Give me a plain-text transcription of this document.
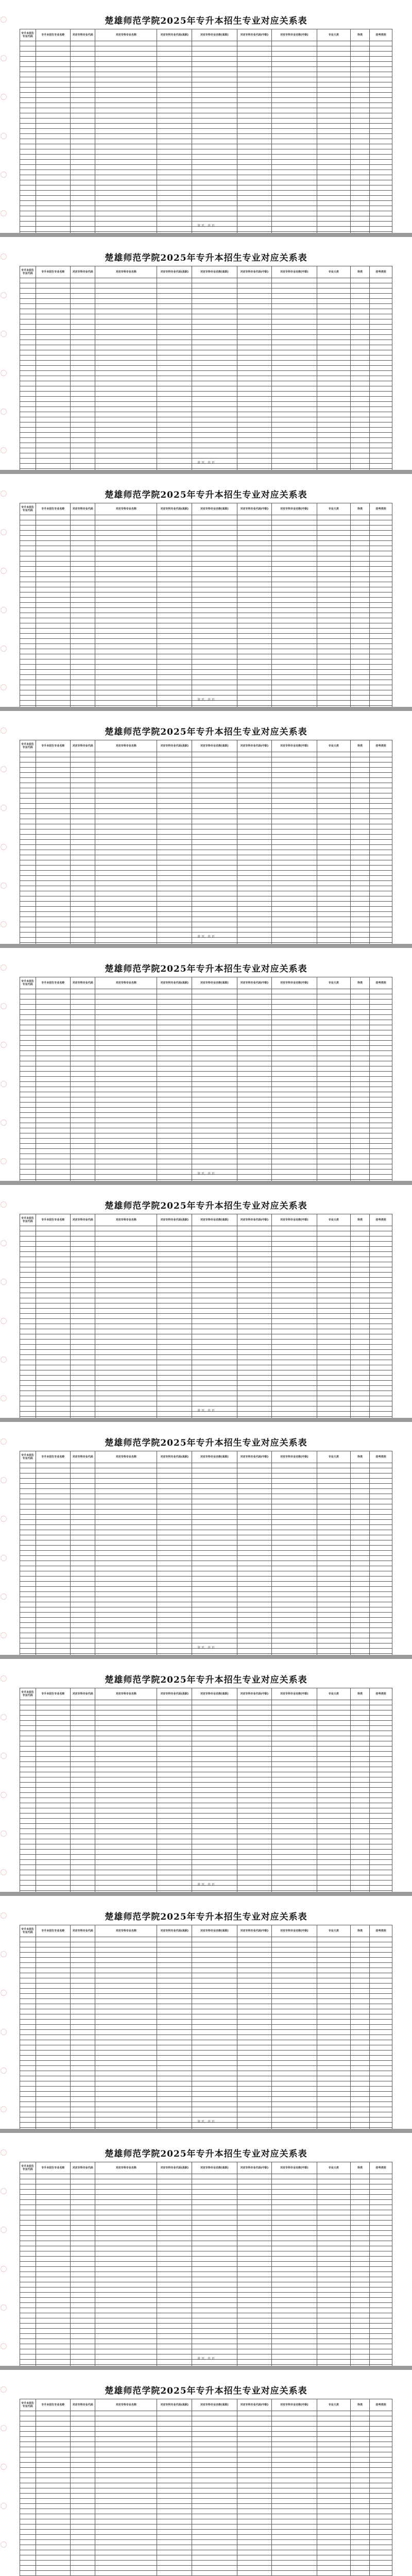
楚雄师范学院2025年专升本招生专业对应关系表
专升本招生专业代码	专升本招生专业名称	对应专科专业代码	对应专科专业名称	对应专科专业代码(高职)	对应专科专业名称(高职)	对应专科专业代码(中职)	对应专科专业名称(中职)	专业大类	科类	招考类别

第 页，共 页
楚雄师范学院2025年专升本招生专业对应关系表
专升本招生专业代码	专升本招生专业名称	对应专科专业代码	对应专科专业名称	对应专科专业代码(高职)	对应专科专业名称(高职)	对应专科专业代码(中职)	对应专科专业名称(中职)	专业大类	科类	招考类别

第 页，共 页
楚雄师范学院2025年专升本招生专业对应关系表
专升本招生专业代码	专升本招生专业名称	对应专科专业代码	对应专科专业名称	对应专科专业代码(高职)	对应专科专业名称(高职)	对应专科专业代码(中职)	对应专科专业名称(中职)	专业大类	科类	招考类别

第 页，共 页
楚雄师范学院2025年专升本招生专业对应关系表
专升本招生专业代码	专升本招生专业名称	对应专科专业代码	对应专科专业名称	对应专科专业代码(高职)	对应专科专业名称(高职)	对应专科专业代码(中职)	对应专科专业名称(中职)	专业大类	科类	招考类别

第 页，共 页
楚雄师范学院2025年专升本招生专业对应关系表
专升本招生专业代码	专升本招生专业名称	对应专科专业代码	对应专科专业名称	对应专科专业代码(高职)	对应专科专业名称(高职)	对应专科专业代码(中职)	对应专科专业名称(中职)	专业大类	科类	招考类别

第 页，共 页
楚雄师范学院2025年专升本招生专业对应关系表
专升本招生专业代码	专升本招生专业名称	对应专科专业代码	对应专科专业名称	对应专科专业代码(高职)	对应专科专业名称(高职)	对应专科专业代码(中职)	对应专科专业名称(中职)	专业大类	科类	招考类别

第 页，共 页
楚雄师范学院2025年专升本招生专业对应关系表
专升本招生专业代码	专升本招生专业名称	对应专科专业代码	对应专科专业名称	对应专科专业代码(高职)	对应专科专业名称(高职)	对应专科专业代码(中职)	对应专科专业名称(中职)	专业大类	科类	招考类别

第 页，共 页
楚雄师范学院2025年专升本招生专业对应关系表
专升本招生专业代码	专升本招生专业名称	对应专科专业代码	对应专科专业名称	对应专科专业代码(高职)	对应专科专业名称(高职)	对应专科专业代码(中职)	对应专科专业名称(中职)	专业大类	科类	招考类别

第 页，共 页
楚雄师范学院2025年专升本招生专业对应关系表
专升本招生专业代码	专升本招生专业名称	对应专科专业代码	对应专科专业名称	对应专科专业代码(高职)	对应专科专业名称(高职)	对应专科专业代码(中职)	对应专科专业名称(中职)	专业大类	科类	招考类别

第 页，共 页
楚雄师范学院2025年专升本招生专业对应关系表
专升本招生专业代码	专升本招生专业名称	对应专科专业代码	对应专科专业名称	对应专科专业代码(高职)	对应专科专业名称(高职)	对应专科专业代码(中职)	对应专科专业名称(中职)	专业大类	科类	招考类别

第 页，共 页
楚雄师范学院2025年专升本招生专业对应关系表
专升本招生专业代码	专升本招生专业名称	对应专科专业代码	对应专科专业名称	对应专科专业代码(高职)	对应专科专业名称(高职)	对应专科专业代码(中职)	对应专科专业名称(中职)	专业大类	科类	招考类别
